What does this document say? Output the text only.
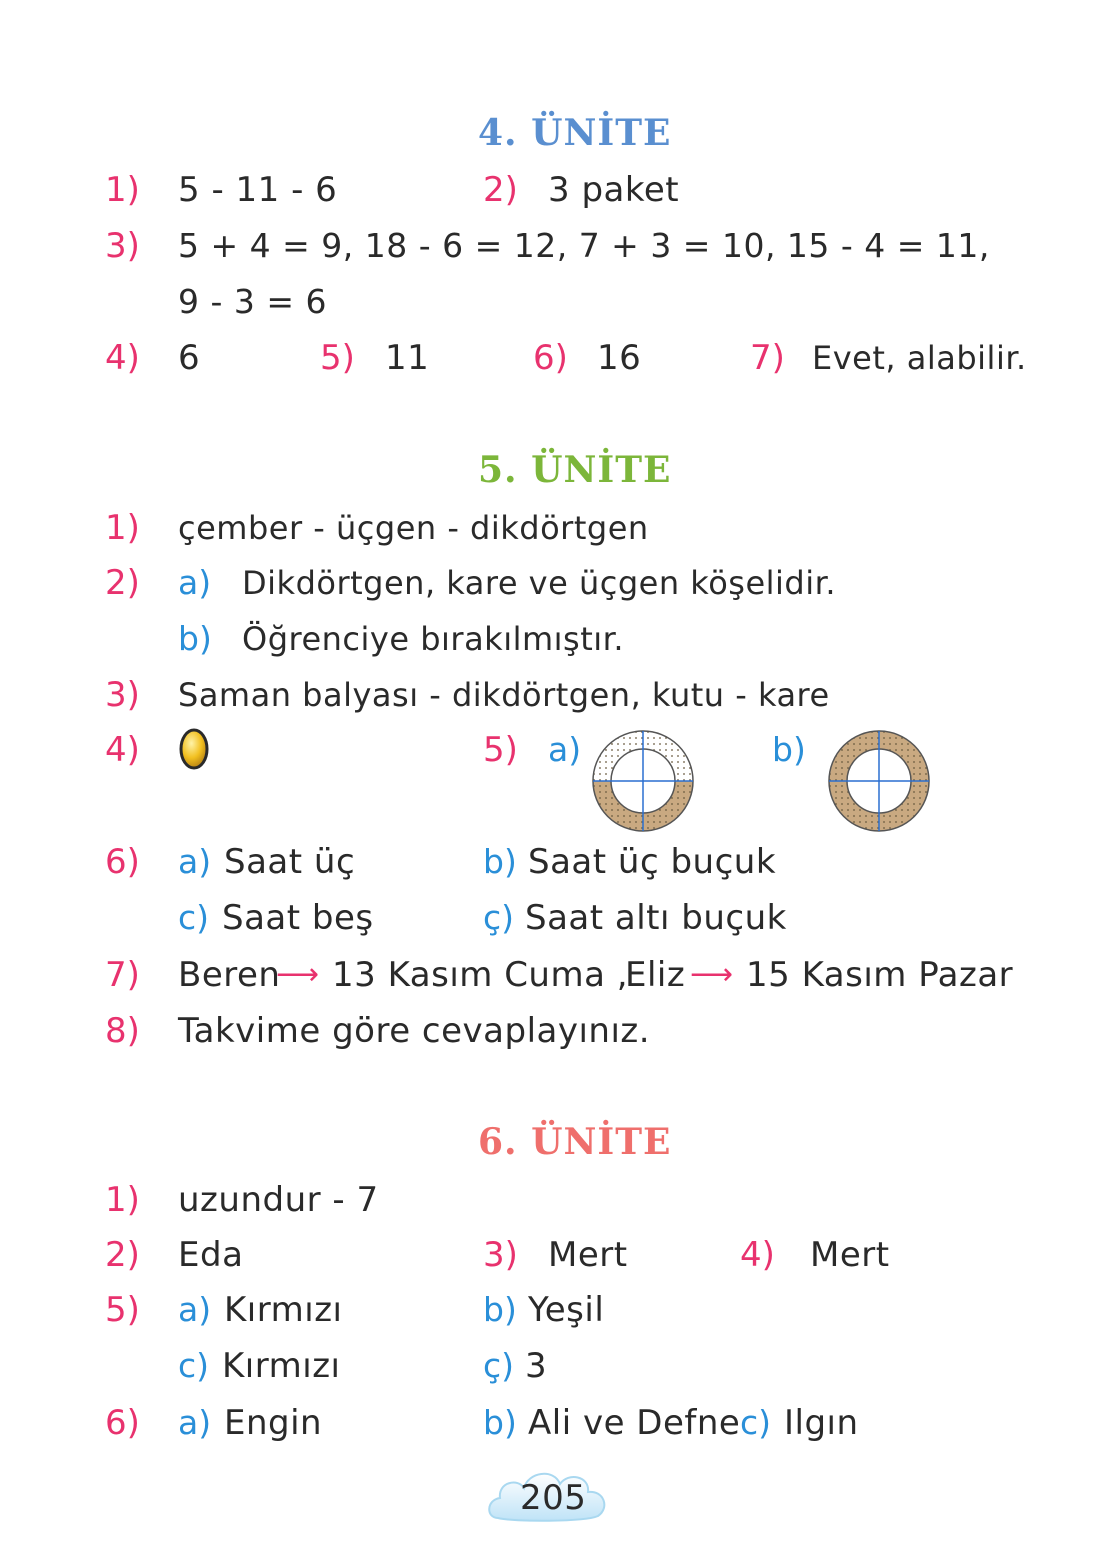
4. ÜNİTE
1) 5 - 11 - 6	2) 3 paket
3) 5 + 4 = 9, 18 - 6 = 12, 7 + 3 = 10, 15 - 4 = 11,
9 - 3 = 6
4) 6	5) 11	6) 16	7) Evet, alabilir.
5. ÜNİTE
1) çember - üçgen - dikdörtgen
2) a) Dikdörtgen, kare ve üçgen köşelidir.
b) Öğrenciye bırakılmıştır.
3) Saman balyası - dikdörtgen, kutu - kare
4)	5) a)	b)
6) a) Saat üç	b) Saat üç buçuk
c) Saat beş	ç) Saat altı buçuk
7) Beren
⟶ 13 Kasım Cuma ,
Eliz ⟶ 15 Kasım Pazar
8) Takvime göre cevaplayınız.
6. ÜNİTE
1) uzundur - 7
2) Eda	3) Mert	4) Mert
5) a) Kırmızı	b) Yeşil
c) Kırmızı	ç) 3
6) a) Engin	b) Ali ve Defne c) Ilgın
205
